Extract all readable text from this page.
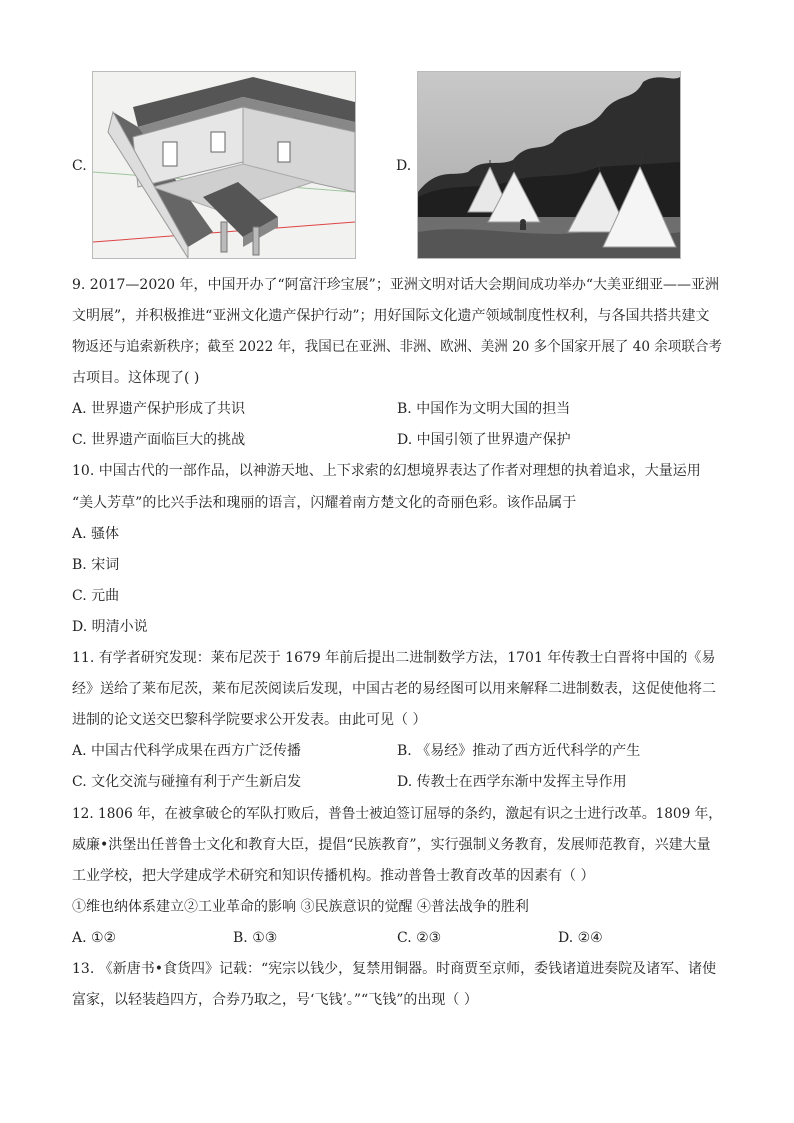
C.	D.
9. 2017—2020 年，中国开办了“阿富汗珍宝展”；亚洲文明对话大会期间成功举办“大美亚细亚——亚洲
文明展”，并积极推进“亚洲文化遗产保护行动”；用好国际文化遗产领域制度性权利，与各国共搭共建文
物返还与追索新秩序；截至 2022 年，我国已在亚洲、非洲、欧洲、美洲 20 多个国家开展了 40 余项联合考
古项目。这体现了( )
A. 世界遗产保护形成了共识	B. 中国作为文明大国的担当
C. 世界遗产面临巨大的挑战	D. 中国引领了世界遗产保护
10. 中国古代的一部作品，以神游天地、上下求索的幻想境界表达了作者对理想的执着追求，大量运用
“美人芳草”的比兴手法和瑰丽的语言，闪耀着南方楚文化的奇丽色彩。该作品属于
A. 骚体
B. 宋词
C. 元曲
D. 明清小说
11. 有学者研究发现：莱布尼茨于 1679 年前后提出二进制数学方法，1701 年传教士白晋将中国的《易
经》送给了莱布尼茨，莱布尼茨阅读后发现，中国古老的易经图可以用来解释二进制数表，这促使他将二
进制的论文送交巴黎科学院要求公开发表。由此可见（ ）
A. 中国古代科学成果在西方广泛传播	B. 《易经》推动了西方近代科学的产生
C. 文化交流与碰撞有利于产生新启发	D. 传教士在西学东渐中发挥主导作用
12. 1806 年，在被拿破仑的军队打败后，普鲁士被迫签订屈辱的条约，激起有识之士进行改革。1809 年，
威廉•洪堡出任普鲁士文化和教育大臣，提倡“民族教育”，实行强制义务教育，发展师范教育，兴建大量
工业学校，把大学建成学术研究和知识传播机构。推动普鲁士教育改革的因素有（ ）
①维也纳体系建立②工业革命的影响 ③民族意识的觉醒 ④普法战争的胜利
A. ①②	B. ①③	C. ②③	D. ②④
13. 《新唐书•食货四》记载：“宪宗以钱少，复禁用铜器。时商贾至京师，委钱诸道进奏院及诸军、诸使
富家，以轻装趋四方，合券乃取之，号‘飞钱’。”“飞钱”的出现（ ）
